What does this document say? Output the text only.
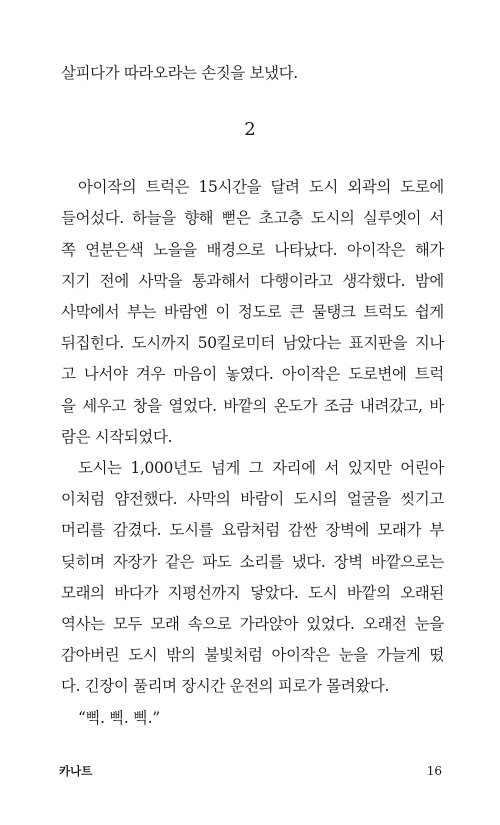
살피다가 따라오라는 손짓을 보냈다.
2
아이작의 트럭은 15시간을 달려 도시 외곽의 도로에
들어섰다. 하늘을 향해 뻗은 초고층 도시의 실루엣이 서
쪽 연분은색 노을을 배경으로 나타났다. 아이작은 해가
지기 전에 사막을 통과해서 다행이라고 생각했다. 밤에
사막에서 부는 바람엔 이 정도로 큰 물탱크 트럭도 쉽게
뒤집힌다. 도시까지 50킬로미터 남았다는 표지판을 지나
고 나서야 겨우 마음이 놓였다. 아이작은 도로변에 트럭
을 세우고 창을 열었다. 바깥의 온도가 조금 내려갔고, 바
람은 시작되었다.
도시는 1,000년도 넘게 그 자리에 서 있지만 어린아
이처럼 얌전했다. 사막의 바람이 도시의 얼굴을 씻기고
머리를 감겼다. 도시를 요람처럼 감싼 장벽에 모래가 부
딪히며 자장가 같은 파도 소리를 냈다. 장벽 바깥으로는
모래의 바다가 지평선까지 닿았다. 도시 바깥의 오래된
역사는 모두 모래 속으로 가라앉아 있었다. 오래전 눈을
감아버린 도시 밖의 불빛처럼 아이작은 눈을 가늘게 떴
다. 긴장이 풀리며 장시간 운전의 피로가 몰려왔다.
“삑. 삑. 삑.”
카나트	16
